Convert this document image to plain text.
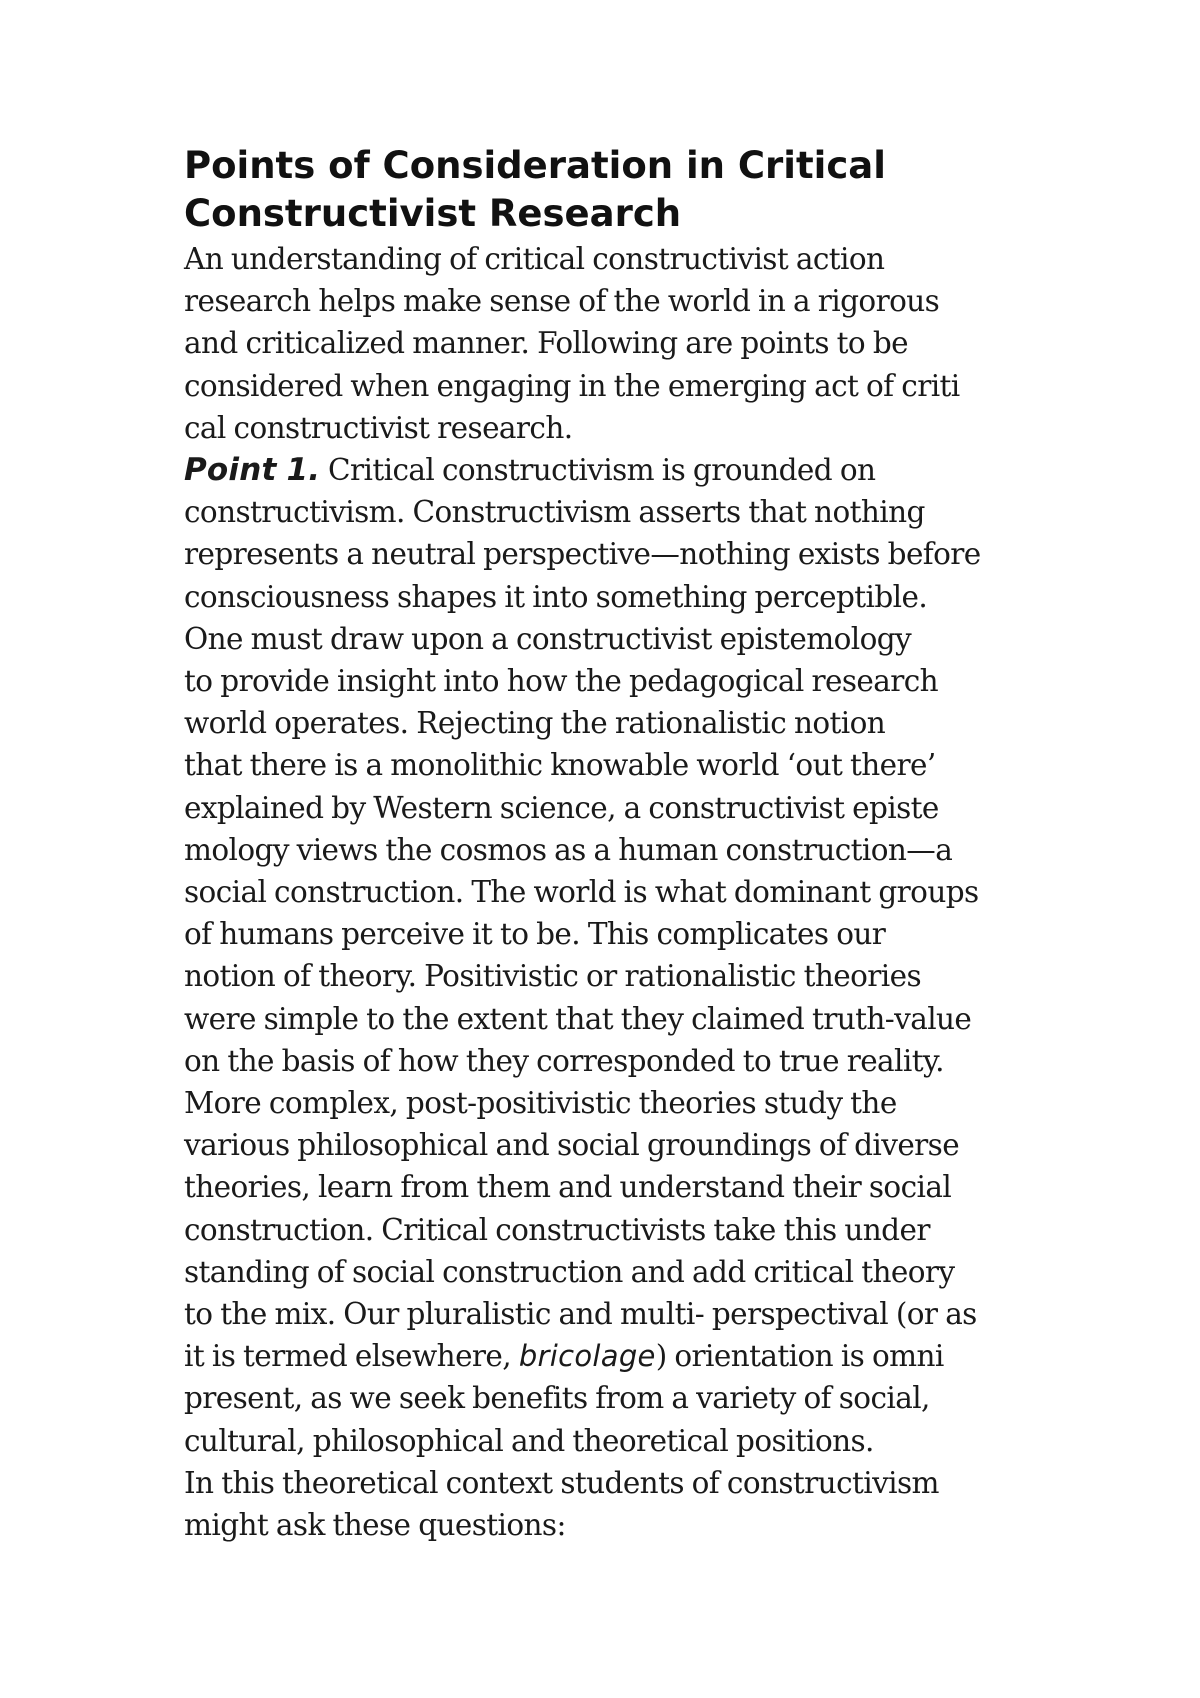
Points of Consideration in Critical
Constructivist Research

An understanding of critical constructivist action
research helps make sense of the world in a rigorous
and criticalized manner. Following are points to be
considered when engaging in the emerging act of criti
cal constructivist research.

Point 1. Critical constructivism is grounded on
constructivism. Constructivism asserts that nothing
represents a neutral perspective—nothing exists before
consciousness shapes it into something perceptible.
One must draw upon a constructivist epistemology
to provide insight into how the pedagogical research
world operates. Rejecting the rationalistic notion
that there is a monolithic knowable world ‘out there’
explained by Western science, a constructivist episte
mology views the cosmos as a human construction—a
social construction. The world is what dominant groups
of humans perceive it to be. This complicates our
notion of theory. Positivistic or rationalistic theories
were simple to the extent that they claimed truth-value
on the basis of how they corresponded to true reality.
More complex, post-positivistic theories study the
various philosophical and social groundings of diverse
theories, learn from them and understand their social
construction. Critical constructivists take this under
standing of social construction and add critical theory
to the mix. Our pluralistic and multi- perspectival (or as
it is termed elsewhere, bricolage) orientation is omni
present, as we seek benefits from a variety of social,
cultural, philosophical and theoretical positions.

In this theoretical context students of constructivism
might ask these questions:
